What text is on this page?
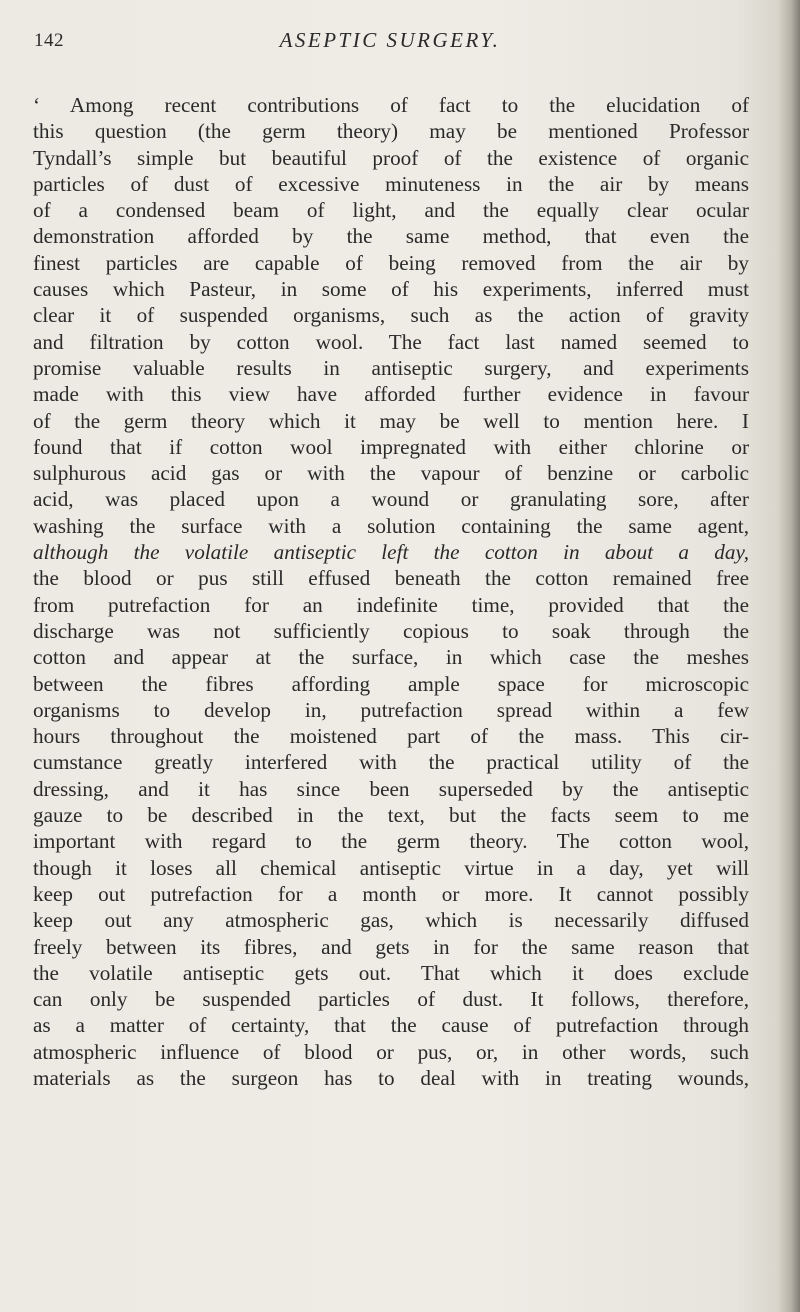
142	ASEPTIC SURGERY.
‘ Among recent contributions of fact to the elucidation of
this question (the germ theory) may be mentioned Professor
Tyndall’s simple but beautiful proof of the existence of organic
particles of dust of excessive minuteness in the air by means
of a condensed beam of light, and the equally clear ocular
demonstration afforded by the same method, that even the
finest particles are capable of being removed from the air by
causes which Pasteur, in some of his experiments, inferred must
clear it of suspended organisms, such as the action of gravity
and filtration by cotton wool. The fact last named seemed to
promise valuable results in antiseptic surgery, and experiments
made with this view have afforded further evidence in favour
of the germ theory which it may be well to mention here. I
found that if cotton wool impregnated with either chlorine or
sulphurous acid gas or with the vapour of benzine or carbolic
acid, was placed upon a wound or granulating sore, after
washing the surface with a solution containing the same agent,
although the volatile antiseptic left the cotton in about a day,
the blood or pus still effused beneath the cotton remained free
from putrefaction for an indefinite time, provided that the
discharge was not sufficiently copious to soak through the
cotton and appear at the surface, in which case the meshes
between the fibres affording ample space for microscopic
organisms to develop in, putrefaction spread within a few
hours throughout the moistened part of the mass. This cir-
cumstance greatly interfered with the practical utility of the
dressing, and it has since been superseded by the antiseptic
gauze to be described in the text, but the facts seem to me
important with regard to the germ theory. The cotton wool,
though it loses all chemical antiseptic virtue in a day, yet will
keep out putrefaction for a month or more. It cannot possibly
keep out any atmospheric gas, which is necessarily diffused
freely between its fibres, and gets in for the same reason that
the volatile antiseptic gets out. That which it does exclude
can only be suspended particles of dust. It follows, therefore,
as a matter of certainty, that the cause of putrefaction through
atmospheric influence of blood or pus, or, in other words, such
materials as the surgeon has to deal with in treating wounds,
